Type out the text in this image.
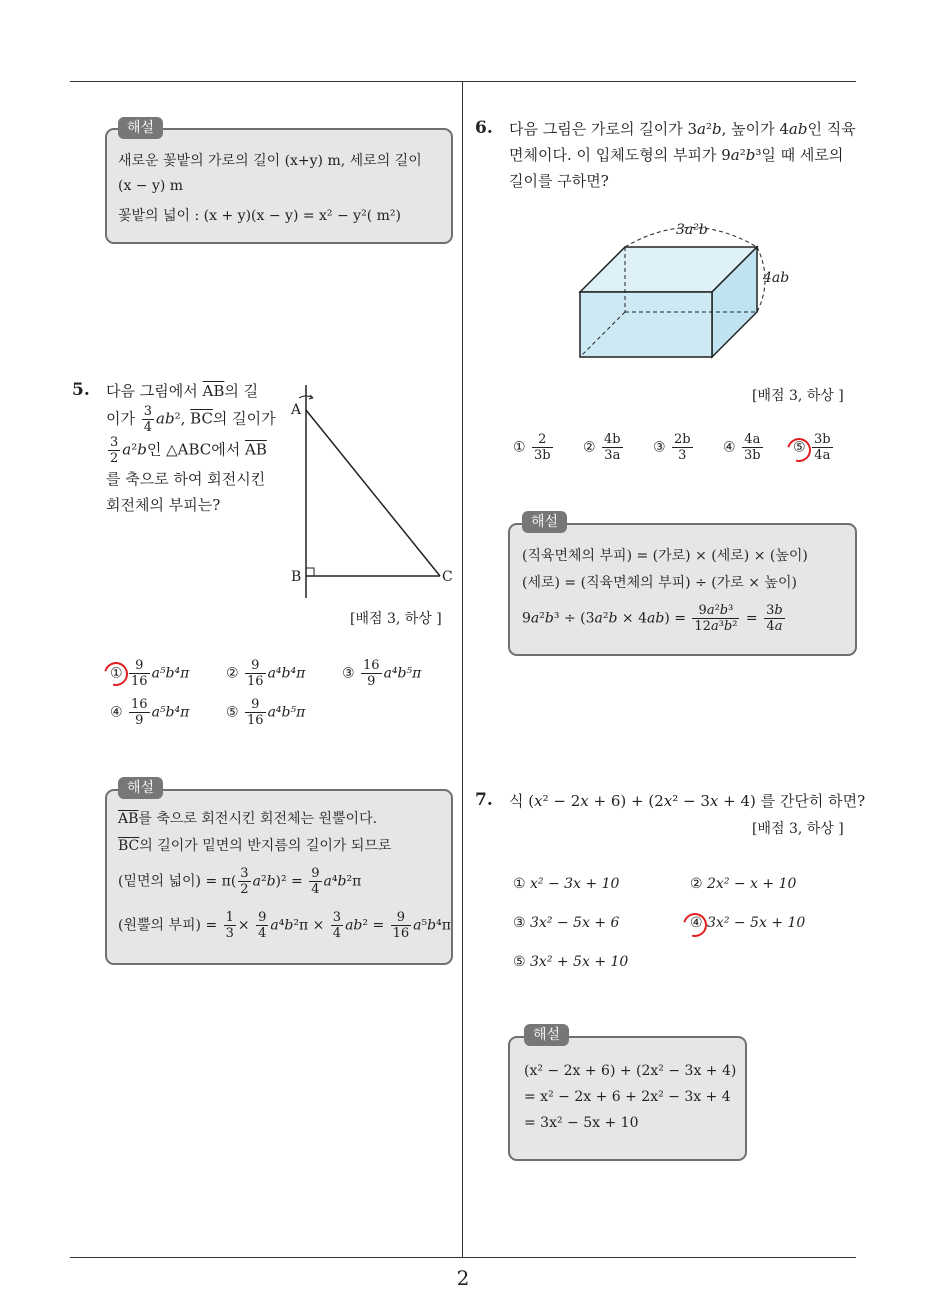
2
해설
새로운 꽃밭의 가로의 길이 (x+y) m, 세로의 길이
(x − y) m
꽃밭의 넓이 : (x + y)(x − y) = x² − y²( m²)
5. 다음 그림에서 $\overline{AB}$의 길
이가 $\frac{3}{4} ab^2$, $\overline{BC}$의 길이가
$\frac{3}{2} a^2b$인 △ABC에서 $\overline{AB}$
를 축으로 하여 회전시킨
회전체의 부피는?
A
B	C
[배점 3, 하상 ]
① $\frac{9}{16} a^5b^4\pi$	② $\frac{9}{16} a^4b^4\pi$	③ $\frac{16}{9} a^4b^5\pi$
④ $\frac{16}{9} a^5b^4\pi$	⑤ $\frac{9}{16} a^4b^5\pi$
해설
$\overline{AB}$를 축으로 회전시킨 회전체는 원뿔이다.
$\overline{BC}$의 길이가 밑면의 반지름의 길이가 되므로
(밑면의 넓이) = $\pi( \frac{3}{2} a^2b)^2 = \frac{9}{4} a^4b^2\pi$
(원뿔의 부피) = $\frac{1}{3} \times \frac{9}{4} a^4b^2\pi \times \frac{3}{4} ab^2 = \frac{9}{16} a^5b^4\pi$
6. 다음 그림은 가로의 길이가 3a²b, 높이가 4ab인 직육
면체이다. 이 입체도형의 부피가 9a²b³일 때 세로의
길이를 구하면?
3a²b
4ab
[배점 3, 하상 ]
① $\frac{2}{3b}$ ② $\frac{4b}{3a}$ ③ $\frac{2b}{3}$ ④ $\frac{4a}{3b}$ ⑤ $\frac{3b}{4a}$
해설
(직육면체의 부피) = (가로) × (세로) × (높이)
(세로) = (직육면체의 부피) ÷ (가로 × 높이)
$9a^2b^3 \div (3a^2b \times 4ab) = \frac{\text{9a²b³}}{\text{12a³b²}} = \frac{3b}{4a}$
7. 식 (x² − 2x + 6) + (2x² − 3x + 4) 를 간단히 하면?
[배점 3, 하상 ]
① x² − 3x + 10	② 2x² − x + 10
③ 3x² − 5x + 6	④ 3x² − 5x + 10
⑤ 3x² + 5x + 10
해설
(x² − 2x + 6) + (2x² − 3x + 4)
= x² − 2x + 6 + 2x² − 3x + 4
= 3x² − 5x + 10
